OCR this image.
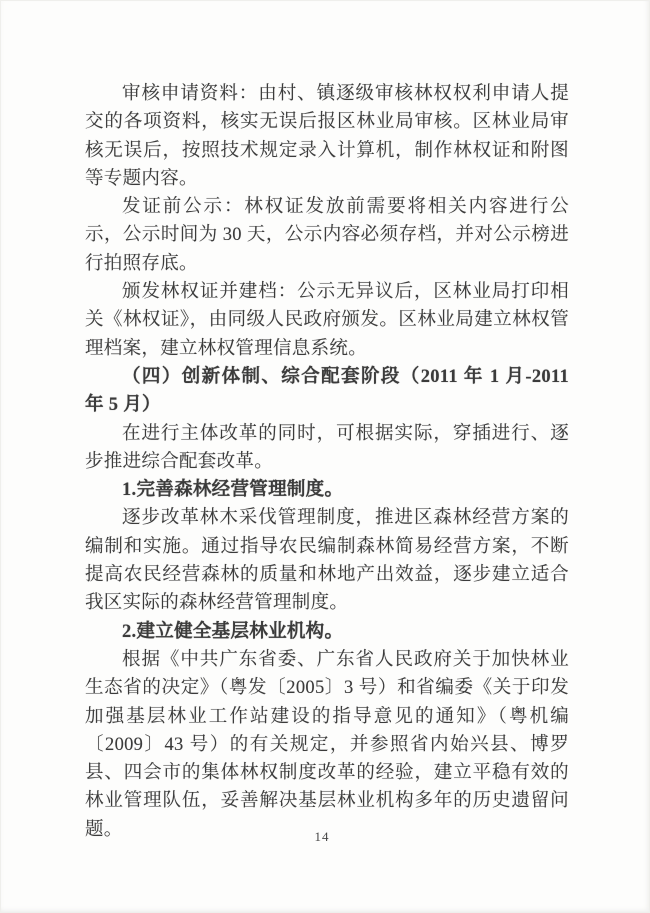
审核申请资料：由村、镇逐级审核林权权利申请人提交的各项资料，核实无误后报区林业局审核。区林业局审核无误后，按照技术规定录入计算机，制作林权证和附图等专题内容。

发证前公示：林权证发放前需要将相关内容进行公示，公示时间为 30 天，公示内容必须存档，并对公示榜进行拍照存底。

颁发林权证并建档：公示无异议后，区林业局打印相关《林权证》，由同级人民政府颁发。区林业局建立林权管理档案，建立林权管理信息系统。

（四）创新体制、综合配套阶段（2011 年 1 月-2011 年 5 月）

在进行主体改革的同时，可根据实际，穿插进行、逐步推进综合配套改革。

1.完善森林经营管理制度。

逐步改革林木采伐管理制度，推进区森林经营方案的编制和实施。通过指导农民编制森林简易经营方案，不断提高农民经营森林的质量和林地产出效益，逐步建立适合我区实际的森林经营管理制度。

2.建立健全基层林业机构。

根据《中共广东省委、广东省人民政府关于加快林业生态省的决定》（粤发〔2005〕3 号）和省编委《关于印发加强基层林业工作站建设的指导意见的通知》（粤机编〔2009〕43 号）的有关规定，并参照省内始兴县、博罗县、四会市的集体林权制度改革的经验，建立平稳有效的林业管理队伍，妥善解决基层林业机构多年的历史遗留问题。	14
